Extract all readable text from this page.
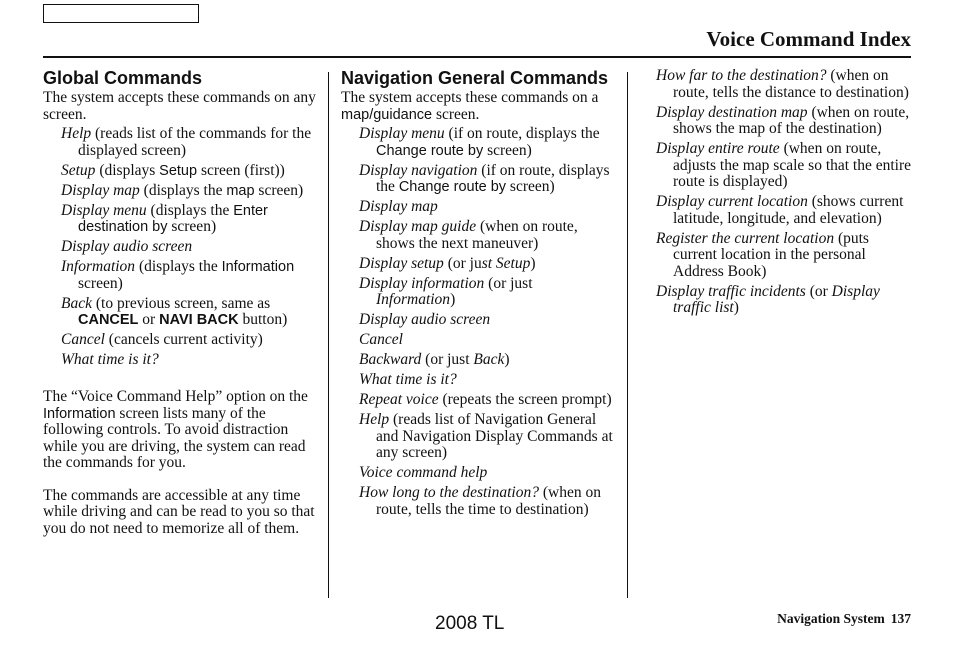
Voice Command Index
Global Commands

The system accepts these commands on any screen.

Help (reads list of the commands for the displayed screen)
Setup (displays Setup screen (first))
Display map (displays the map screen)
Display menu (displays the Enter destination by screen)
Display audio screen
Information (displays the Information screen)
Back (to previous screen, same as CANCEL or NAVI BACK button)
Cancel (cancels current activity)
What time is it?

The “Voice Command Help” option on the Information screen lists many of the following controls. To avoid distraction while you are driving, the system can read the commands for you.

The commands are accessible at any time while driving and can be read to you so that you do not need to memorize all of them.

Navigation General Commands

The system accepts these commands on a map/guidance screen.

Display menu (if on route, displays the Change route by screen)
Display navigation (if on route, displays the Change route by screen)
Display map
Display map guide (when on route, shows the next maneuver)
Display setup (or just Setup)
Display information (or just Information)
Display audio screen
Cancel
Backward (or just Back)
What time is it?
Repeat voice (repeats the screen prompt)
Help (reads list of Navigation General and Navigation Display Commands at any screen)
Voice command help
How long to the destination? (when on route, tells the time to destination)
How far to the destination? (when on route, tells the distance to destination)
Display destination map (when on route, shows the map of the destination)
Display entire route (when on route, adjusts the map scale so that the entire route is displayed)
Display current location (shows current latitude, longitude, and elevation)
Register the current location (puts current location in the personal Address Book)
Display traffic incidents (or Display traffic list)
2008 TL	Navigation System 137
